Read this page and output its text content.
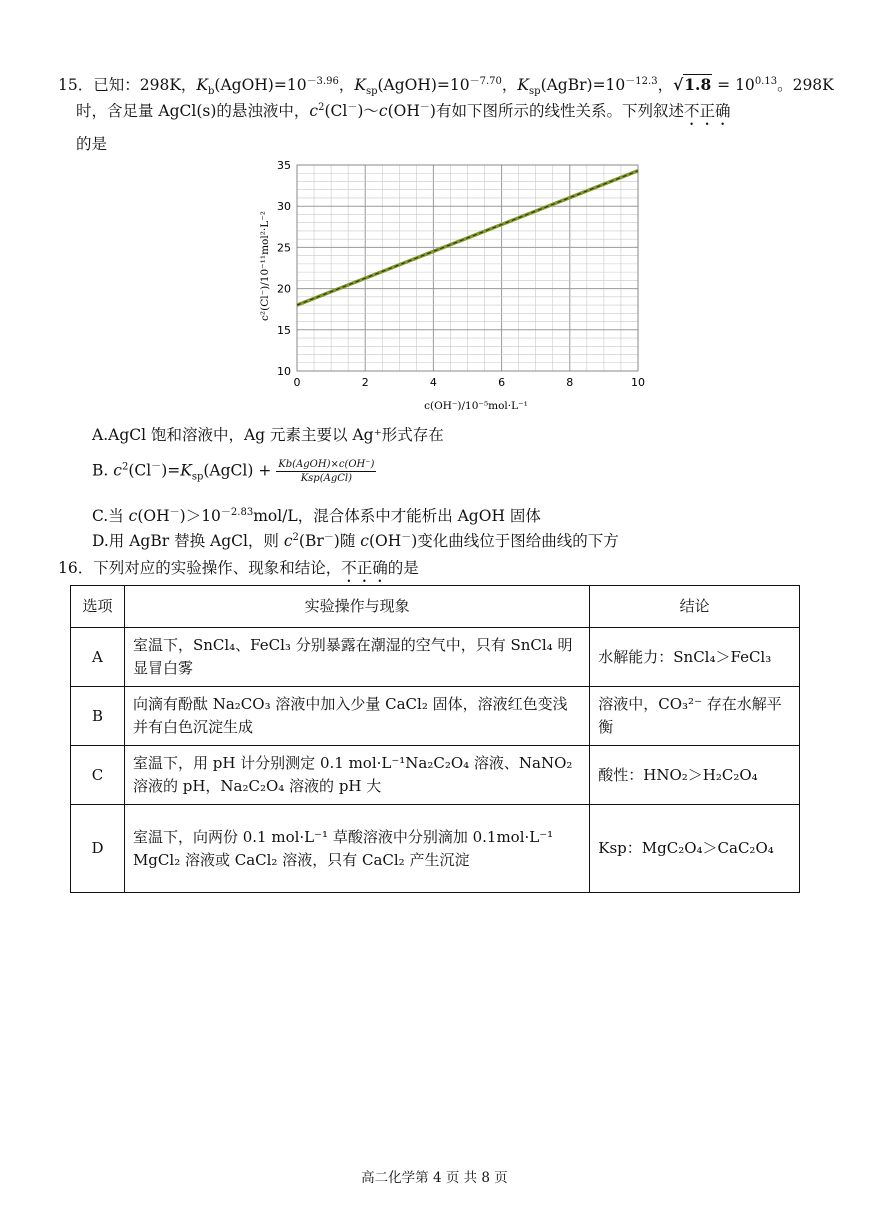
15．已知：298K，$K_b(AgOH)=10^{-3.96}$，$K_{sp}(AgOH)=10^{-7.70}$，$K_{sp}(AgBr)=10^{-12.3}$，$√1.8 = 10^{0.13}$。298K
时，含足量 AgCl(s)的悬浊液中，$c^2(Cl^-)\sim c(OH^-)$有如下图所示的线性关系。下列叙述不正确
的是
0	2	4	6	8	10
10
15
20
25
30
35
c(OH⁻)/10⁻⁵mol·L⁻¹
c²(Cl⁻)/10⁻¹¹mol²·L⁻²
A.AgCl 饱和溶液中，Ag 元素主要以 Ag⁺形式存在
B. $c^2(Cl^-)=K_{sp}(AgCl) + \frac{\text{Kb(AgOH)×c(OH⁻)}}{\text{Ksp(AgCl)}}$
C.当 $c(OH^-)>10^{-2.83}mol/L$，混合体系中才能析出 AgOH 固体
D.用 AgBr 替换 AgCl，则 $c^2(Br^-)$随 c(OH－)变化曲线位于图给曲线的下方
16．下列对应的实验操作、现象和结论，不正确的是
选项	实验操作与现象	结论
A	室温下，SnCl₄、FeCl₃ 分别暴露在潮湿的空气中，只有 SnCl₄ 明显冒白雾	水解能力：SnCl₄＞FeCl₃
B	向滴有酚酞 Na₂CO₃ 溶液中加入少量 CaCl₂ 固体，溶液红色变浅并有白色沉淀生成	溶液中，CO₃²⁻ 存在水解平衡
C	室温下，用 pH 计分别测定 0.1 mol·L⁻¹Na₂C₂O₄ 溶液、NaNO₂ 溶液的 pH，Na₂C₂O₄ 溶液的 pH 大	酸性：HNO₂＞H₂C₂O₄
D	室温下，向两份 0.1 mol·L⁻¹ 草酸溶液中分别滴加 0.1mol·L⁻¹ MgCl₂ 溶液或 CaCl₂ 溶液，只有 CaCl₂ 产生沉淀	Ksp：MgC₂O₄＞CaC₂O₄
高二化学第 4 页 共 8 页
